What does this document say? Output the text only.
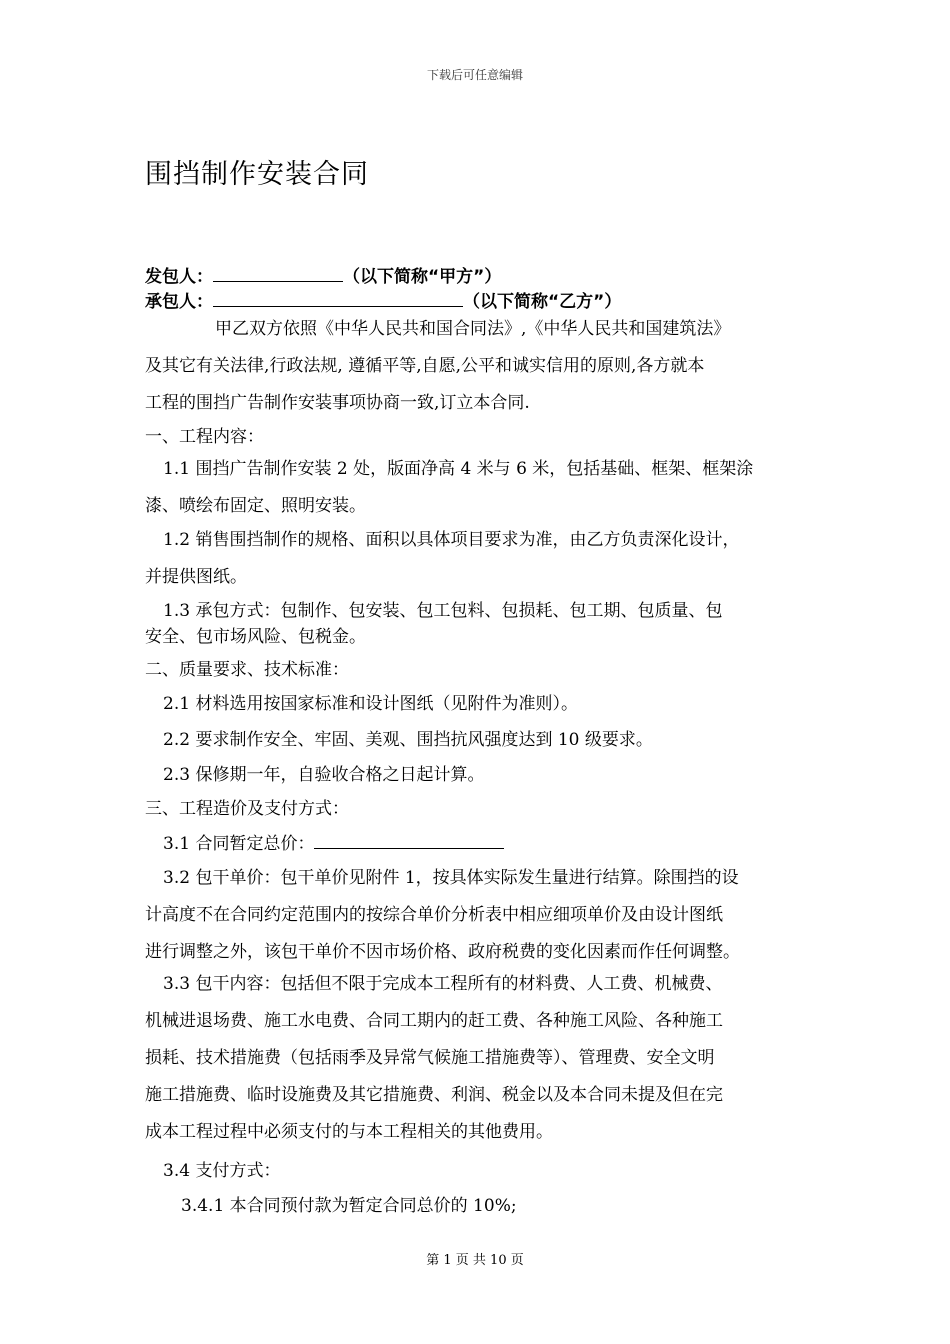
下载后可任意编辑
围挡制作安装合同
发包人：	（以下简称“甲方”）
承包人：	（以下简称“乙方”）
甲乙双方依照《中华人民共和国合同法》,《中华人民共和国建筑法》
及其它有关法律,行政法规, 遵循平等,自愿,公平和诚实信用的原则,各方就本
工程的围挡广告制作安装事项协商一致,订立本合同.
一、工程内容：
1.1 围挡广告制作安装 2 处，版面净高 4 米与 6 米，包括基础、框架、框架涂
漆、喷绘布固定、照明安装。
1.2 销售围挡制作的规格、面积以具体项目要求为准，由乙方负责深化设计，
并提供图纸。
1.3 承包方式：包制作、包安装、包工包料、包损耗、包工期、包质量、包
安全、包市场风险、包税金。
二、质量要求、技术标准：
2.1 材料选用按国家标准和设计图纸（见附件为准则）。
2.2 要求制作安全、牢固、美观、围挡抗风强度达到 10 级要求。
2.3 保修期一年，自验收合格之日起计算。
三、工程造价及支付方式：
3.1 合同暂定总价：
3.2 包干单价：包干单价见附件 1，按具体实际发生量进行结算。除围挡的设
计高度不在合同约定范围内的按综合单价分析表中相应细项单价及由设计图纸
进行调整之外，该包干单价不因市场价格、政府税费的变化因素而作任何调整。
3.3 包干内容：包括但不限于完成本工程所有的材料费、人工费、机械费、
机械进退场费、施工水电费、合同工期内的赶工费、各种施工风险、各种施工
损耗、技术措施费（包括雨季及异常气候施工措施费等）、管理费、安全文明
施工措施费、临时设施费及其它措施费、利润、税金以及本合同未提及但在完
成本工程过程中必须支付的与本工程相关的其他费用。
3.4 支付方式：
3.4.1 本合同预付款为暂定合同总价的 10%;
第 1 页 共 10 页
